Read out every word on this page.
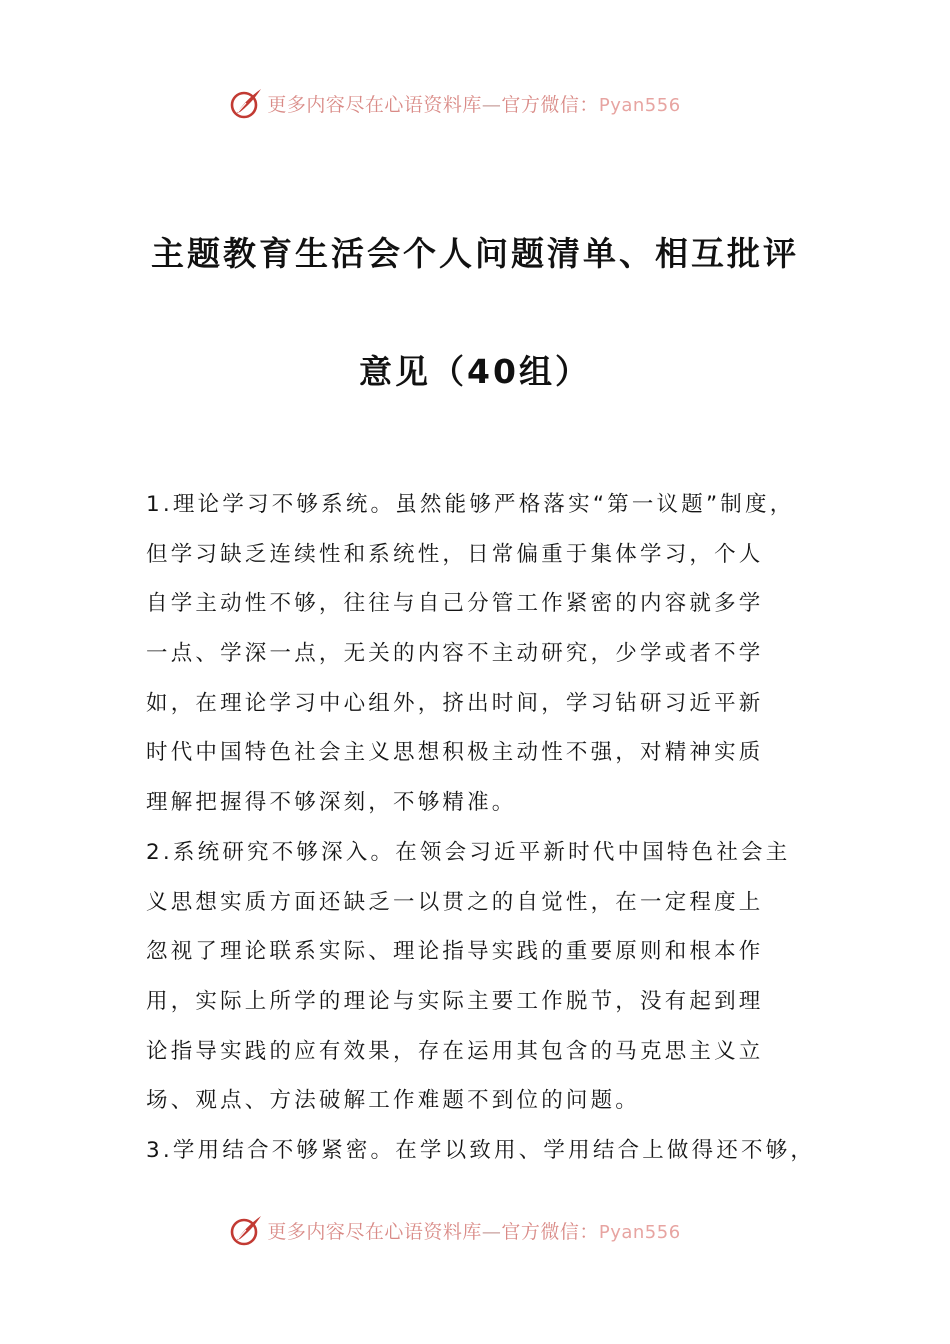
更多内容尽在心语资料库—官方微信：Pyan556
主题教育生活会个人问题清单、相互批评
意见（40组）
1.理论学习不够系统。虽然能够严格落实“第一议题”制度，
但学习缺乏连续性和系统性，日常偏重于集体学习，个人
自学主动性不够，往往与自己分管工作紧密的内容就多学
一点、学深一点，无关的内容不主动研究，少学或者不学
如，在理论学习中心组外，挤出时间，学习钻研习近平新
时代中国特色社会主义思想积极主动性不强，对精神实质
理解把握得不够深刻，不够精准。
2.系统研究不够深入。在领会习近平新时代中国特色社会主
义思想实质方面还缺乏一以贯之的自觉性，在一定程度上
忽视了理论联系实际、理论指导实践的重要原则和根本作
用，实际上所学的理论与实际主要工作脱节，没有起到理
论指导实践的应有效果，存在运用其包含的马克思主义立
场、观点、方法破解工作难题不到位的问题。
3.学用结合不够紧密。在学以致用、学用结合上做得还不够，
更多内容尽在心语资料库—官方微信：Pyan556
